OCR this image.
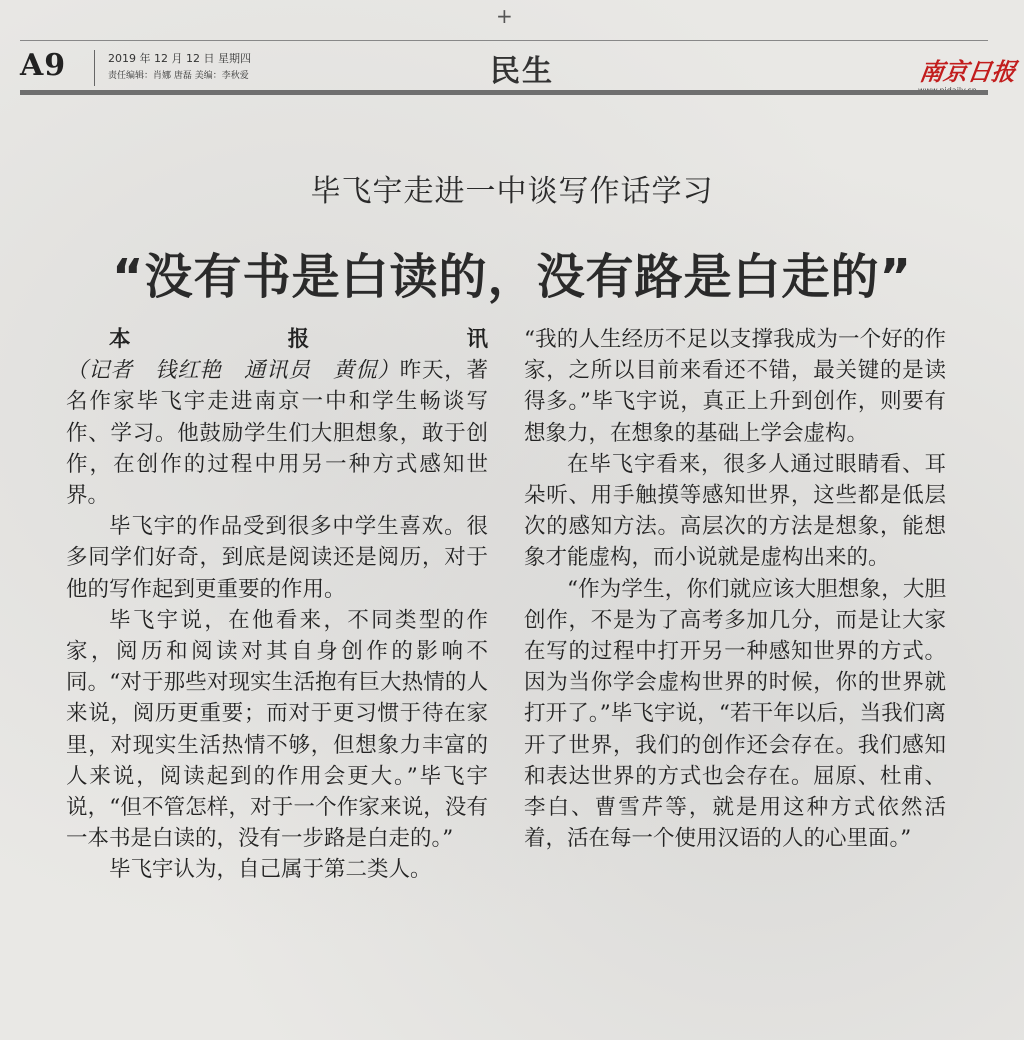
+
A9	2019 年 12 月 12 日 星期四
责任编辑：肖娜 唐磊 美编：李秋爱	民生	南京日报
毕飞宇走进一中谈写作话学习
“没有书是白读的，没有路是白走的”

本报讯（记者　钱红艳　通讯员　黄侃）昨天，著名作家毕飞宇走进南京一中和学生畅谈写作、学习。他鼓励学生们大胆想象，敢于创作，在创作的过程中用另一种方式感知世界。

毕飞宇的作品受到很多中学生喜欢。很多同学们好奇，到底是阅读还是阅历，对于他的写作起到更重要的作用。

毕飞宇说，在他看来，不同类型的作家，阅历和阅读对其自身创作的影响不同。“对于那些对现实生活抱有巨大热情的人来说，阅历更重要；而对于更习惯于待在家里，对现实生活热情不够，但想象力丰富的人来说，阅读起到的作用会更大。”毕飞宇说，“但不管怎样，对于一个作家来说，没有一本书是白读的，没有一步路是白走的。”

毕飞宇认为，自己属于第二类人。

“我的人生经历不足以支撑我成为一个好的作家，之所以目前来看还不错，最关键的是读得多。”毕飞宇说，真正上升到创作，则要有想象力，在想象的基础上学会虚构。

在毕飞宇看来，很多人通过眼睛看、耳朵听、用手触摸等感知世界，这些都是低层次的感知方法。高层次的方法是想象，能想象才能虚构，而小说就是虚构出来的。

“作为学生，你们就应该大胆想象，大胆创作，不是为了高考多加几分，而是让大家在写的过程中打开另一种感知世界的方式。因为当你学会虚构世界的时候，你的世界就打开了。”毕飞宇说，“若干年以后，当我们离开了世界，我们的创作还会存在。我们感知和表达世界的方式也会存在。屈原、杜甫、李白、曹雪芹等，就是用这种方式依然活着，活在每一个使用汉语的人的心里面。”
